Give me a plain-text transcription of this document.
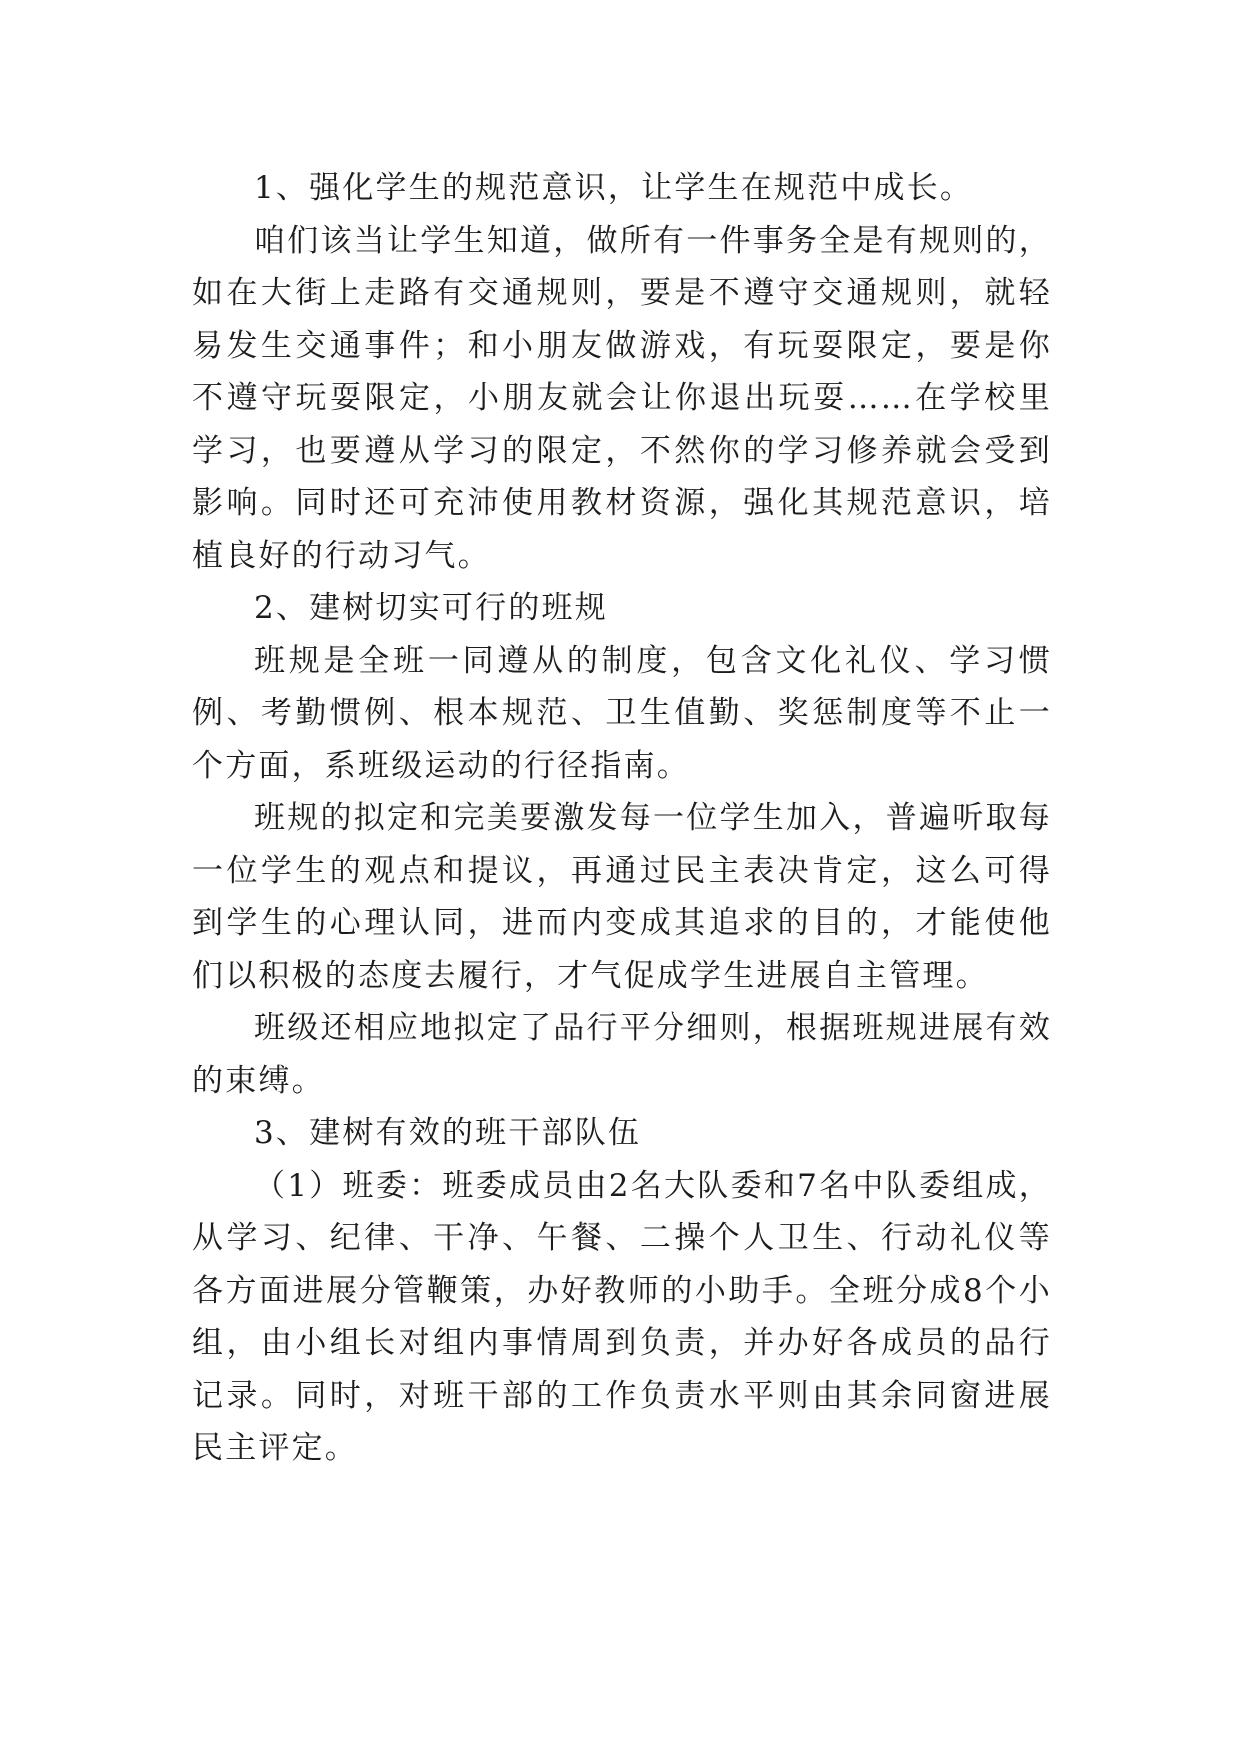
1、强化学生的规范意识，让学生在规范中成长。

咱们该当让学生知道，做所有一件事务全是有规则的，如在大街上走路有交通规则，要是不遵守交通规则，就轻易发生交通事件；和小朋友做游戏，有玩耍限定，要是你不遵守玩耍限定，小朋友就会让你退出玩耍……在学校里学习，也要遵从学习的限定，不然你的学习修养就会受到影响。同时还可充沛使用教材资源，强化其规范意识，培植良好的行动习气。

2、建树切实可行的班规

班规是全班一同遵从的制度，包含文化礼仪、学习惯例、考勤惯例、根本规范、卫生值勤、奖惩制度等不止一个方面，系班级运动的行径指南。

班规的拟定和完美要激发每一位学生加入，普遍听取每一位学生的观点和提议，再通过民主表决肯定，这么可得到学生的心理认同，进而内变成其追求的目的，才能使他们以积极的态度去履行，才气促成学生进展自主管理。

班级还相应地拟定了品行平分细则，根据班规进展有效的束缚。

3、建树有效的班干部队伍

（1）班委：班委成员由2名大队委和7名中队委组成，从学习、纪律、干净、午餐、二操个人卫生、行动礼仪等各方面进展分管鞭策，办好教师的小助手。全班分成8个小组，由小组长对组内事情周到负责，并办好各成员的品行记录。同时，对班干部的工作负责水平则由其余同窗进展民主评定。
